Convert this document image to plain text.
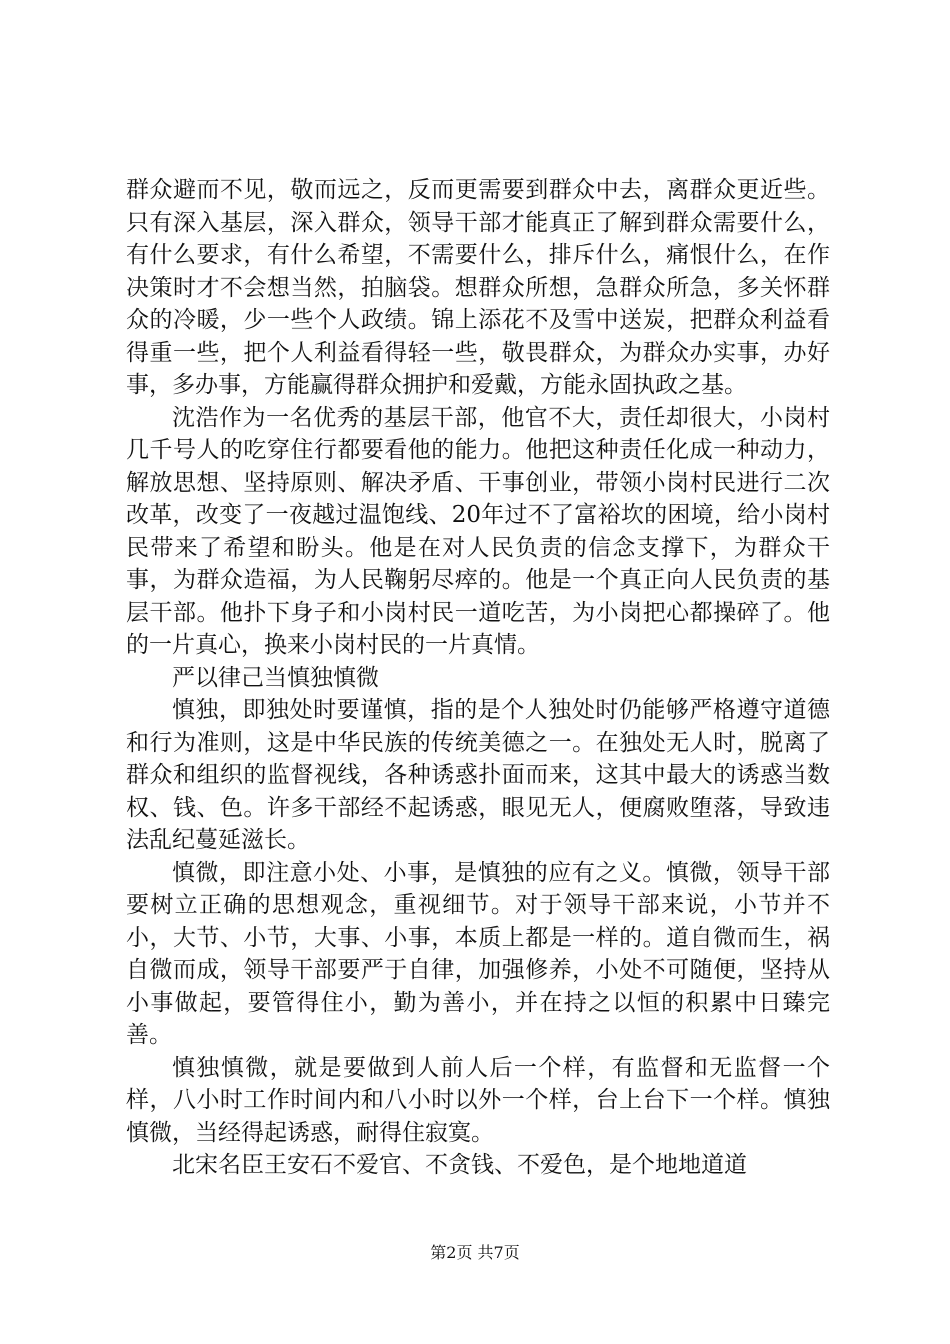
群众避而不见，敬而远之，反而更需要到群众中去，离群众更近些。只有深入基层，深入群众，领导干部才能真正了解到群众需要什么，有什么要求，有什么希望，不需要什么，排斥什么，痛恨什么，在作决策时才不会想当然，拍脑袋。想群众所想，急群众所急，多关怀群众的冷暖，少一些个人政绩。锦上添花不及雪中送炭，把群众利益看得重一些，把个人利益看得轻一些，敬畏群众，为群众办实事，办好事，多办事，方能赢得群众拥护和爱戴，方能永固执政之基。

沈浩作为一名优秀的基层干部，他官不大，责任却很大，小岗村几千号人的吃穿住行都要看他的能力。他把这种责任化成一种动力，解放思想、坚持原则、解决矛盾、干事创业，带领小岗村民进行二次改革，改变了一夜越过温饱线、20年过不了富裕坎的困境，给小岗村民带来了希望和盼头。他是在对人民负责的信念支撑下，为群众干事，为群众造福，为人民鞠躬尽瘁的。他是一个真正向人民负责的基层干部。他扑下身子和小岗村民一道吃苦，为小岗把心都操碎了。他的一片真心，换来小岗村民的一片真情。

严以律己当慎独慎微

慎独，即独处时要谨慎，指的是个人独处时仍能够严格遵守道德和行为准则，这是中华民族的传统美德之一。在独处无人时，脱离了群众和组织的监督视线，各种诱惑扑面而来，这其中最大的诱惑当数权、钱、色。许多干部经不起诱惑，眼见无人，便腐败堕落，导致违法乱纪蔓延滋长。

慎微，即注意小处、小事，是慎独的应有之义。慎微，领导干部要树立正确的思想观念，重视细节。对于领导干部来说，小节并不小，大节、小节，大事、小事，本质上都是一样的。道自微而生，祸自微而成，领导干部要严于自律，加强修养，小处不可随便，坚持从小事做起，要管得住小，勤为善小，并在持之以恒的积累中日臻完善。

慎独慎微，就是要做到人前人后一个样，有监督和无监督一个样，八小时工作时间内和八小时以外一个样，台上台下一个样。慎独慎微，当经得起诱惑，耐得住寂寞。

北宋名臣王安石不爱官、不贪钱、不爱色，是个地地道道

第2页 共7页
